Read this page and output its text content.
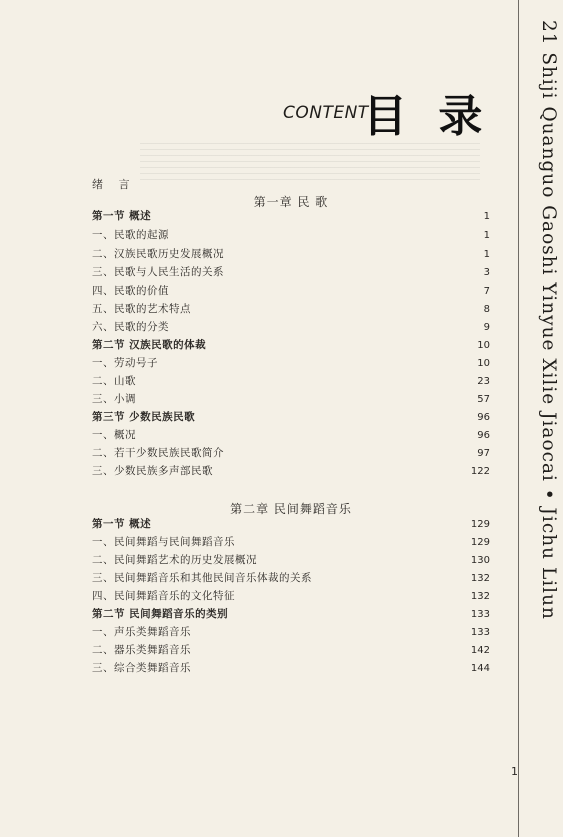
21 Shiji Quanguo Gaoshi Yinyue Xilie Jiaocai • Jichu Lilun
CONTENT
目 录
绪 言
第一章 民 歌
第一节 概述	1
一、民歌的起源	1
二、汉族民歌历史发展概况	1
三、民歌与人民生活的关系	3
四、民歌的价值	7
五、民歌的艺术特点	8
六、民歌的分类	9
第二节 汉族民歌的体裁	10
一、劳动号子	10
二、山歌	23
三、小调	57
第三节 少数民族民歌	96
一、概况	96
二、若干少数民族民歌简介	97
三、少数民族多声部民歌	122
第二章 民间舞蹈音乐
第一节 概述	129
一、民间舞蹈与民间舞蹈音乐	129
二、民间舞蹈艺术的历史发展概况	130
三、民间舞蹈音乐和其他民间音乐体裁的关系	132
四、民间舞蹈音乐的文化特征	132
第二节 民间舞蹈音乐的类别	133
一、声乐类舞蹈音乐	133
二、器乐类舞蹈音乐	142
三、综合类舞蹈音乐	144
1
